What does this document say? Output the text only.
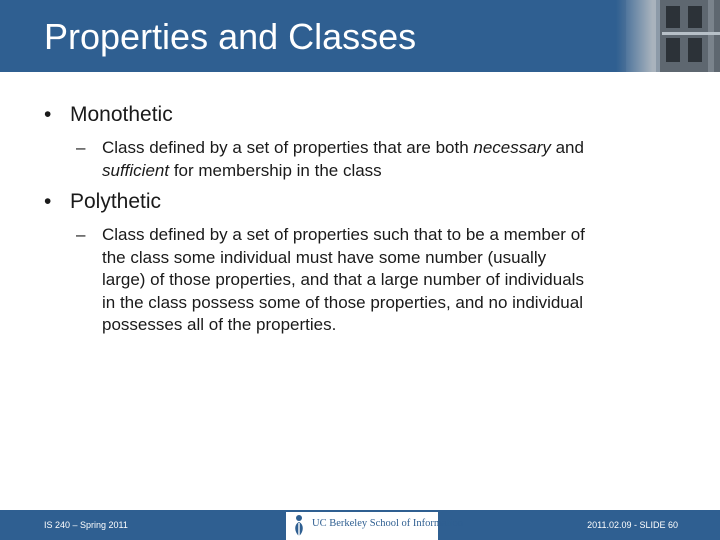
Properties and Classes
• Monothetic
– Class defined by a set of properties that are both necessary and
sufficient for membership in the class
• Polythetic
– Class defined by a set of properties such that to be a member of
the class some individual must have some number (usually
large) of those properties, and that a large number of individuals
in the class possess some of those properties, and no individual
possesses all of the properties.
IS 240 – Spring 2011	UC Berkeley School of Information	2011.02.09 - SLIDE 60
